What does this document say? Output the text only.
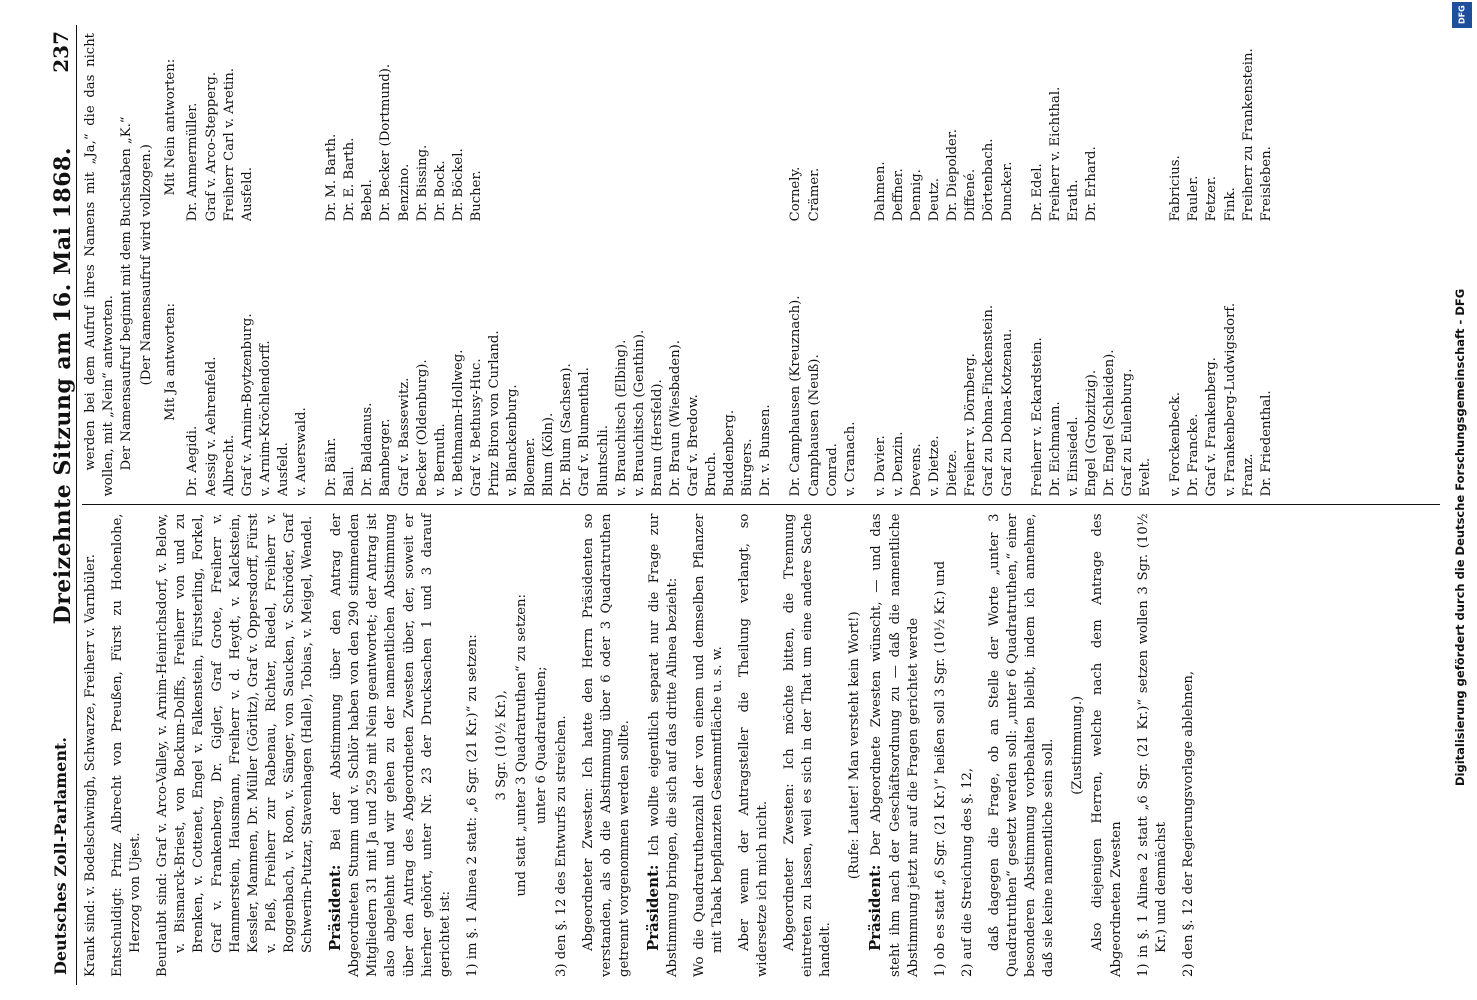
Deutsches Zoll-Parlament.
Dreizehnte Sitzung am 16. Mai 1868.
237

Krank sind: v. Bodelschwingh, Schwarze, Freiherr v. Varnbüler. Entschuldigt: Prinz Albrecht von Preußen, Fürst zu Hohenlohe, Herzog von Ujest. Beurlaubt sind: Graf v. Arco-Valley, v. Arnim-Heinrichsdorf, v. Below, v. Bismarck-Briest, von Bockum-Dolffs, Freiherr von und zu Brenken, v. Cottenet, Engel v. Falkenstein, Fürsterling, Forkel, Graf v. Frankenberg, Dr. Gigler, Graf Grote, Freiherr v. Hammerstein, Hausmann, Freiherr v. d. Heydt, v. Kalckstein, Kessler, Mammen, Dr. Müller (Görlitz), Graf v. Oppersdorff, Fürst v. Pleß, Freiherr zur Rabenau, Richter, Riedel, Freiherr v. Roggenbach, v. Roon, v. Sänger, von Saucken, v. Schröder, Graf Schwerin-Putzar, Stavenhagen (Halle), Tobias, v. Meigel, Wendel. Präsident: Bei der Abstimmung über den Antrag der Abgeordneten Stumm und v. Schlör haben von den 290 stimmenden Mitgliedern 31 mit Ja und 259 mit Nein geantwortet; der Antrag ist also abgelehnt und wir gehen zu der namentlichen Abstimmung über den Antrag des Abgeordneten Zwesten über, der, soweit er hierher gehört, unter Nr. 23 der Drucksachen 1 und 3 darauf gerichtet ist: 1) im §. 1 Alinea 2 statt: „6 Sgr. (21 Kr.)“ zu setzen: 3 Sgr. (10½ Kr.), und statt „unter 3 Quadratruthen“ zu setzen: unter 6 Quadratruthen; 3) den §. 12 des Entwurfs zu streichen. Abgeordneter Zwesten: Ich hatte den Herrn Präsidenten so verstanden, als ob die Abstimmung über 6 oder 3 Quadratruthen getrennt vorgenommen werden sollte. Präsident: Ich wollte eigentlich separat nur die Frage zur Abstimmung bringen, die sich auf das dritte Alinea bezieht: Wo die Quadratruthenzahl der von einem und demselben Pflanzer mit Tabak bepflanzten Gesammtfläche u. s. w. Aber wenn der Antragsteller die Theilung verlangt, so widersetze ich mich nicht. Abgeordneter Zwesten: Ich möchte bitten, die Trennung eintreten zu lassen, weil es sich in der That um eine andere Sache handelt.

(Rufe: Lauter! Man versteht kein Wort!)

Präsident: Der Abgeordnete Zwesten wünscht, — und das steht ihm nach der Geschäftsordnung zu — daß die namentliche Abstimmung jetzt nur auf die Fragen gerichtet werde 1) ob es statt „6 Sgr. (21 Kr.)“ heißen soll 3 Sgr. (10½ Kr.) und 2) auf die Streichung des §. 12, daß dagegen die Frage, ob an Stelle der Worte „unter 3 Quadratruthen“ gesetzt werden soll: „unter 6 Quadratruthen,“ einer besonderen Abstimmung vorbehalten bleibt, indem ich annehme, daß sie keine namentliche sein soll. (Zustimmung.) Also diejenigen Herren, welche nach dem Antrage des Abgeordneten Zwesten 1) in §. 1 Alinea 2 statt „6 Sgr. (21 Kr.)“ setzen wollen 3 Sgr. (10½ Kr.) und demnächst 2) den §. 12 der Regierungsvorlage ablehnen,

werden bei dem Aufruf ihres Namens mit „Ja,“ die das nicht wollen, mit „Nein“ antworten. Der Namensaufruf beginnt mit dem Buchstaben „K.“ (Der Namensaufruf wird vollzogen.) Mit Ja antworten:
Mit Nein antworten:
Dr. Aegidi.
Dr. Ammermüller.
Aessig v. Aehrenfeld.
Graf v. Arco-Stepperg.
Albrecht.
Freiherr Carl v. Aretin.
Graf v. Arnim-Boytzenburg.
Ausfeld.
v. Arnim-Kröchlendorff. Ausfeld. v. Auerswald. Dr. Bähr.
Dr. M. Barth.
Bail.
Dr. E. Barth.
Dr. Baldamus.
Bebel.
Bamberger.
Dr. Becker (Dortmund).
Graf v. Bassewitz.
Benzino.
Becker (Oldenburg).
Dr. Bissing.
v. Bernuth.
Dr. Bock.
v. Bethmann-Hollweg.
Dr. Böckel.
Graf v. Bethusy-Huc.
Bucher.
Prinz Biron von Curland. v. Blanckenburg. Bloemer. Blum (Köln). Dr. Blum (Sachsen). Graf v. Blumenthal. Bluntschli. v. Brauchitsch (Elbing). v. Brauchitsch (Genthin). Braun (Hersfeld). Dr. Braun (Wiesbaden). Graf v. Bredow. Bruch. Buddenberg. Bürgers. Dr. v. Bunsen. Dr. Camphausen (Kreuznach).
Cornely.
Camphausen (Neuß).
Crämer.
Conrad. v. Cranach. v. Davier.
Dahmen.
v. Denzin.
Deffner.
Devens.
Dennig.
v. Dietze.
Deutz.
Dietze.
Dr. Diepolder.
Freiherr v. Dörnberg.
Diffené.
Graf zu Dohna-Finckenstein.
Dörtenbach.
Graf zu Dohna-Kotzenau.
Duncker.
Freiherr v. Eckardstein.
Dr. Edel.
Dr. Eichmann.
Freiherr v. Eichthal.
v. Einsiedel.
Erath.
Engel (Grobzitzig).
Dr. Erhard.
Dr. Engel (Schleiden). Graf zu Eulenburg. Evelt. v. Forckenbeck.
Fabricius.
Dr. Francke.
Fauler.
Graf v. Frankenberg.
Fetzer.
v. Frankenberg-Ludwigsdorf.
Fink.
Franz.
Freiherr zu Frankenstein.
Dr. Friedenthal.
Freisleben.
DFG
Digitalisierung gefördert durch die Deutsche Forschungsgemeinschaft - DFG
